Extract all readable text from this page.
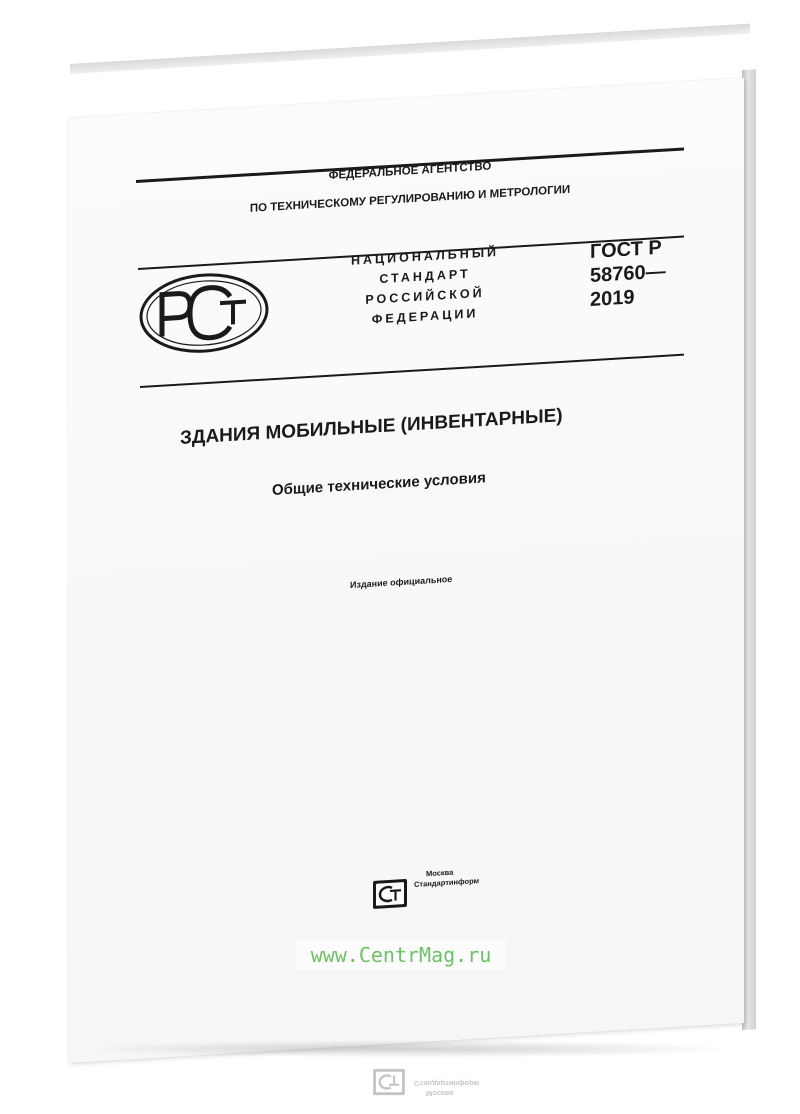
ФЕДЕРАЛЬНОЕ АГЕНТСТВО
ПО ТЕХНИЧЕСКОМУ РЕГУЛИРОВАНИЮ И МЕТРОЛОГИИ
НАЦИОНАЛЬНЫЙ
СТАНДАРТ
РОССИЙСКОЙ
ФЕДЕРАЦИИ
ГОСТ Р
58760—
2019
ЗДАНИЯ МОБИЛЬНЫЕ (ИНВЕНТАРНЫЕ)
Общие технические условия
Издание официальное
Москва
Стандартинформ
www.CentrMag.ru
Москва
Стандартинформ
